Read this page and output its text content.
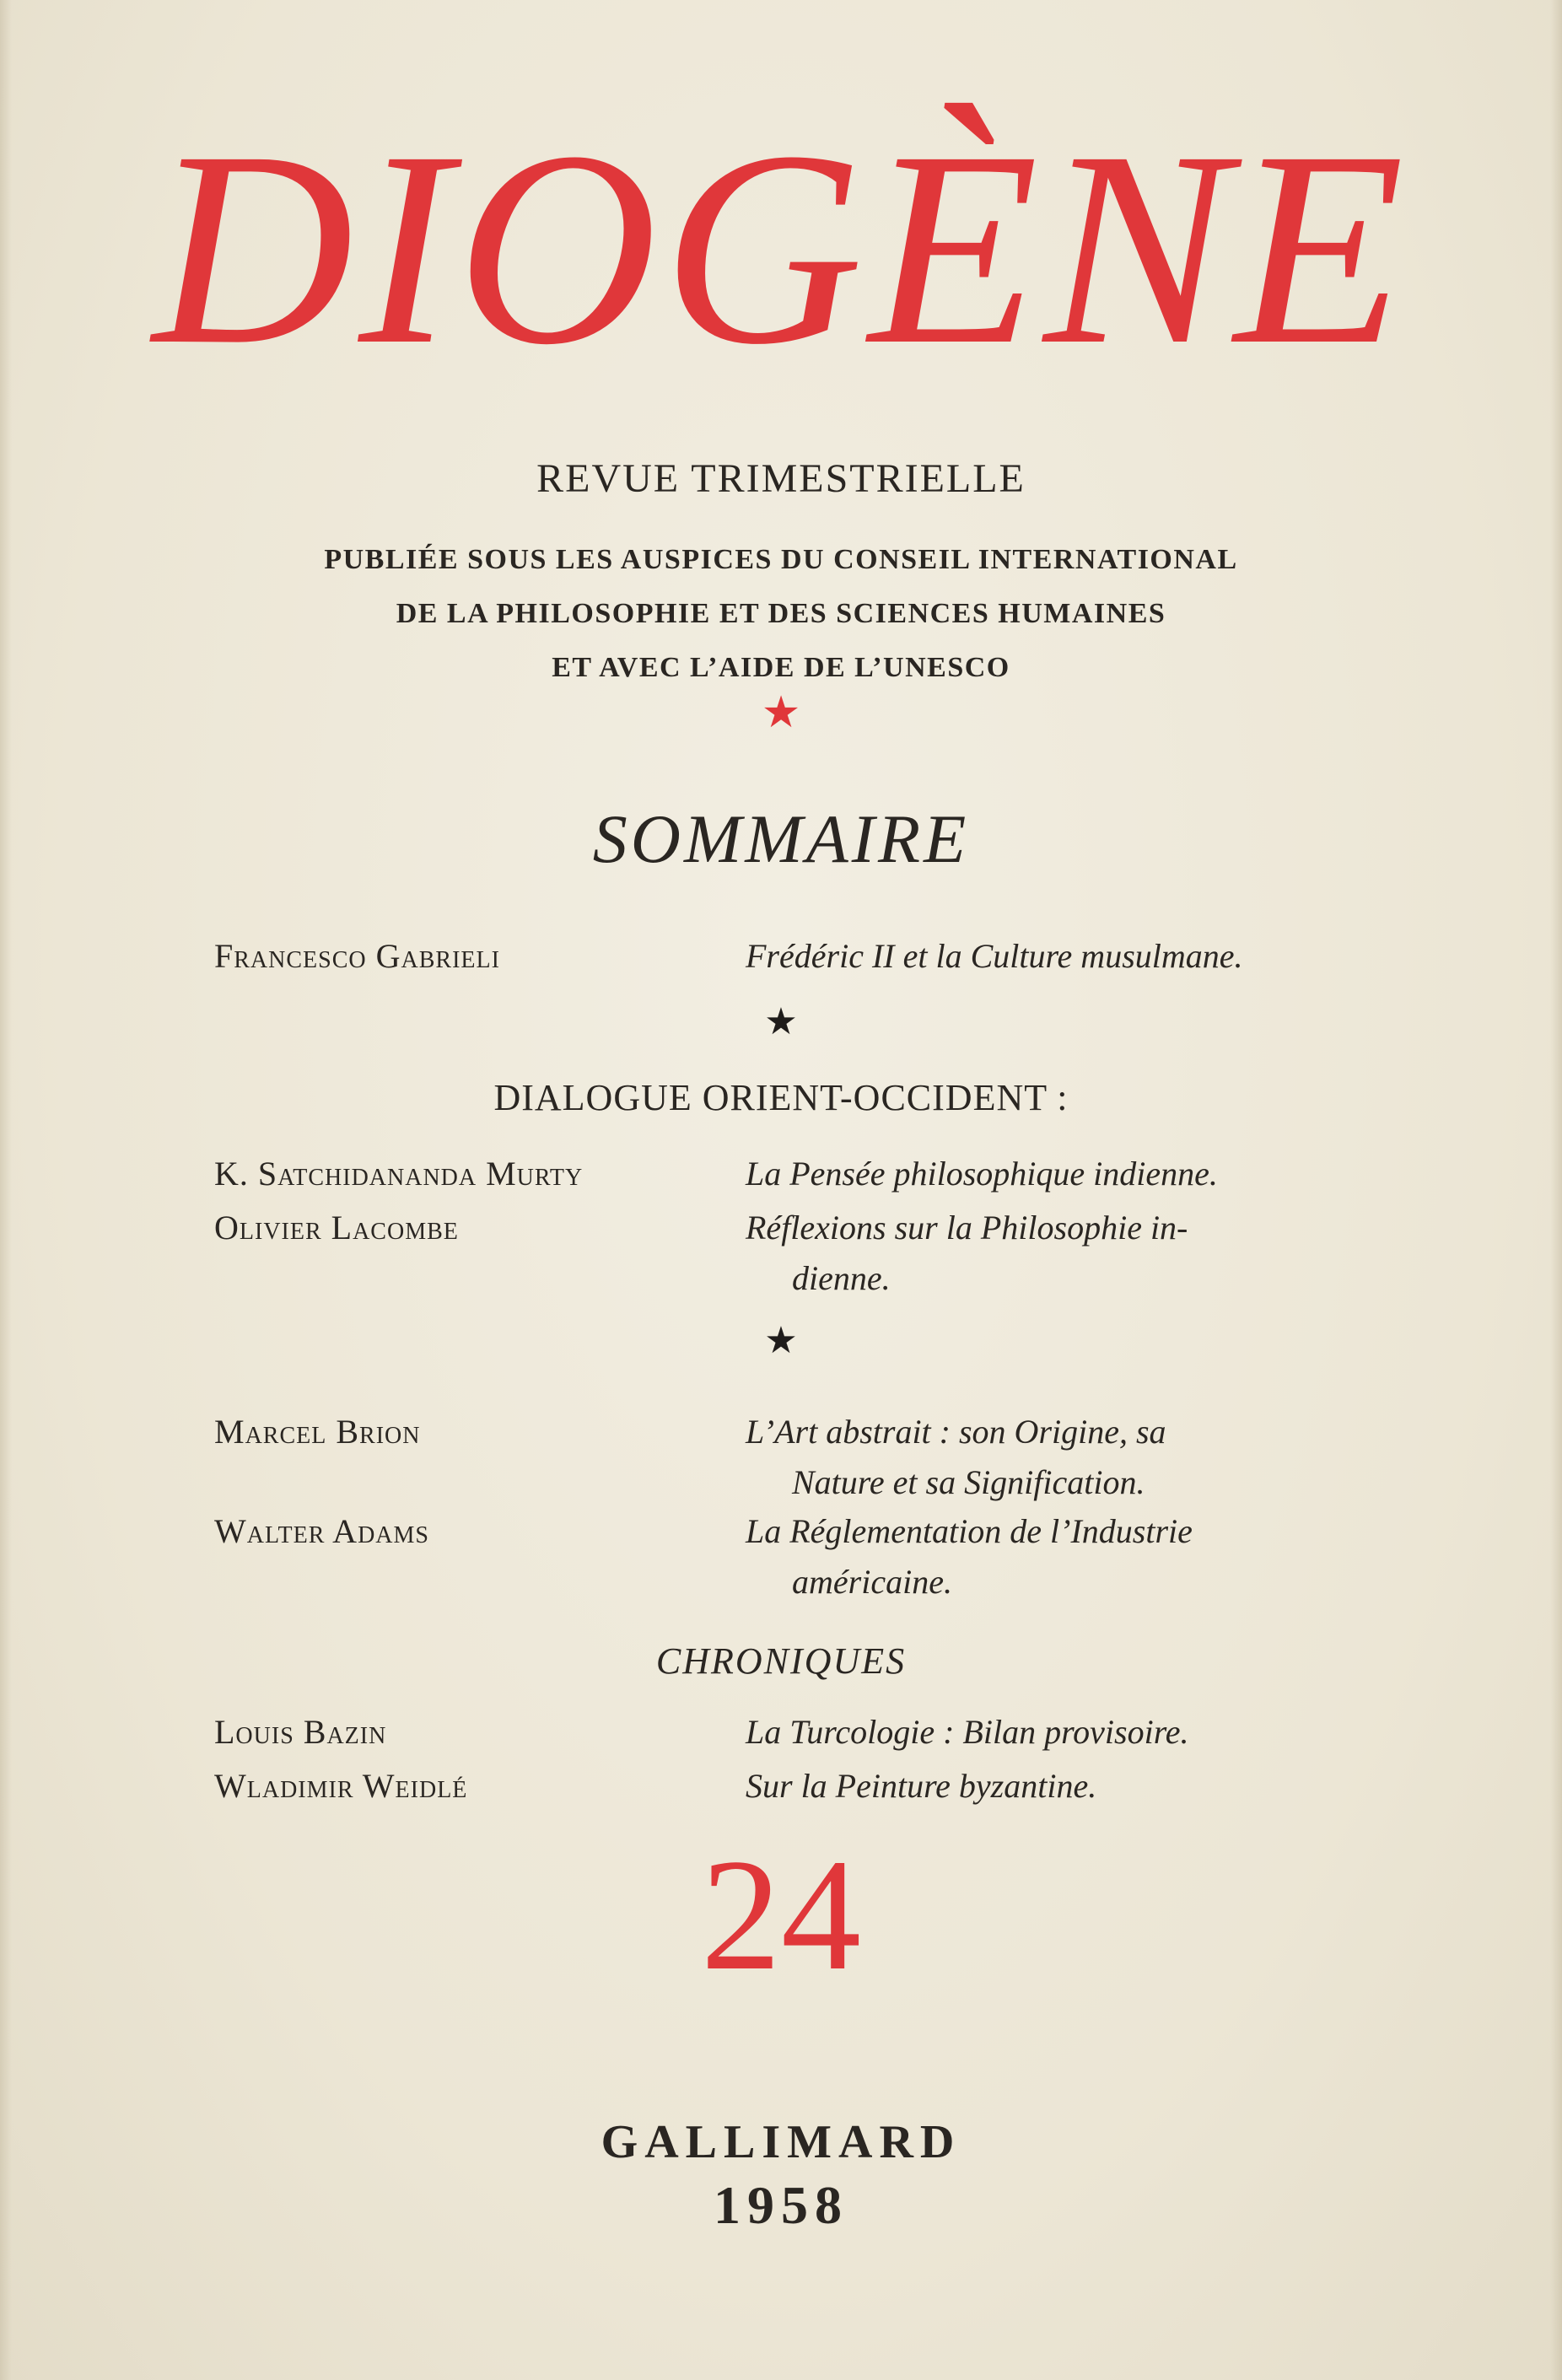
DIOGÈNE
REVUE TRIMESTRIELLE
PUBLIÉE SOUS LES AUSPICES DU CONSEIL INTERNATIONAL
DE LA PHILOSOPHIE ET DES SCIENCES HUMAINES
ET AVEC L’AIDE DE L’UNESCO
★
SOMMAIRE
Francesco Gabrieli	Frédéric II et la Culture musulmane.
★
DIALOGUE ORIENT-OCCIDENT :
K. Satchidananda Murty	La Pensée philosophique indienne.
Olivier Lacombe	Réflexions sur la Philosophie in-
dienne.
★
Marcel Brion	L’Art abstrait : son Origine, sa
Nature et sa Signification.
Walter Adams	La Réglementation de l’Industrie
américaine.
CHRONIQUES
Louis Bazin	La Turcologie : Bilan provisoire.
Wladimir Weidlé	Sur la Peinture byzantine.
24
GALLIMARD
1958
